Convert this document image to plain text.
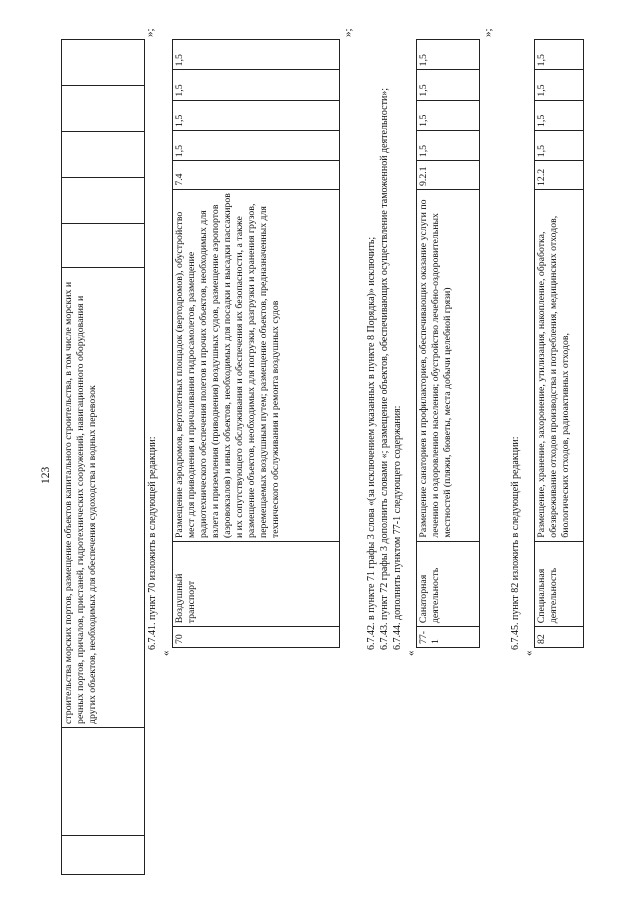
123
		строительства морских портов, размещение объектов капитального строительства, в том числе морских и речных портов, причалов, пристаней, гидротехнических сооружений, навигационного оборудования и других объектов, необходимых для обеспечения судоходства и водных перевозок					
»;
6.7.41. пункт 70 изложить в следующей редакции:
«
70	Воздушный транспорт	Размещение аэродромов, вертолетных площадок (вертодромов), обустройство мест для приводнения и причаливания гидросамолетов, размещение радиотехнического обеспечения полетов и прочих объектов, необходимых для взлета и приземления (приводнения) воздушных судов, размещение аэропортов (аэровокзалов) и иных объектов, необходимых для посадки и высадки пассажиров и их сопутствующего обслуживания и обеспечения их безопасности, а также размещение объектов, необходимых для погрузки, разгрузки и хранения грузов, перемещаемых воздушным путем; размещение объектов, предназначенных для технического обслуживания и ремонта воздушных судов	7.4	1,5	1,5	1,5	1,5
»;
6.7.42. в пункте 71 графы 3 слова «(за исключением указанных в пункте 8 Порядка)» исключить; 6.7.43. пункт 72 графы 3 дополнить словами «; размещение объектов, обеспечивающих осуществление таможенной деятельности»; 6.7.44. дополнить пунктом 77-1 следующего содержания:
«
77-1	Санаторная деятельность	Размещение санаториев и профилакториев, обеспечивающих оказание услуги по лечению и оздоровлению населения; обустройство лечебно-оздоровительных местностей (пляжи, бюветы, места добычи целебной грязи)	9.2.1	1,5	1,5	1,5	1,5
»;
6.7.45. пункт 82 изложить в следующей редакции:
«
82	Специальная деятельность	Размещение, хранение, захоронение, утилизация, накопление, обработка, обезвреживание отходов производства и потребления, медицинских отходов, биологических отходов, радиоактивных отходов,	12.2	1,5	1,5	1,5	1,5
